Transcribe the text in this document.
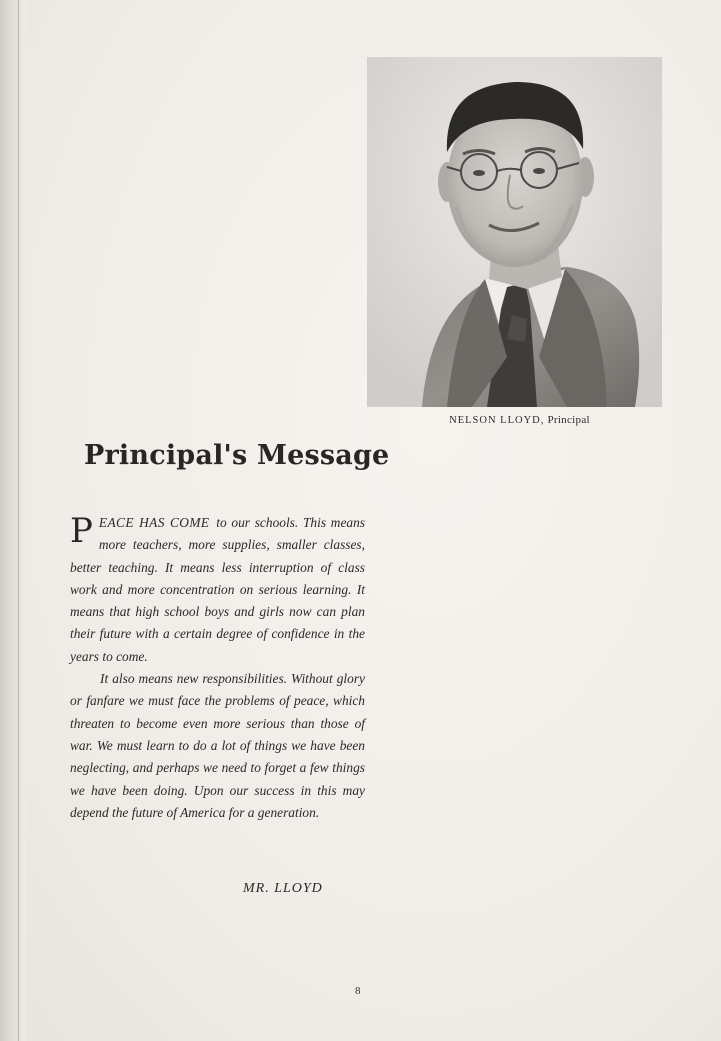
NELSON LLOYD, Principal
Principal's Message

P EACE HAS COME to our schools. This means more teachers, more supplies, smaller classes, better teaching. It means less interruption of class work and more concentration on serious learning. It means that high school boys and girls now can plan their future with a certain degree of confidence in the years to come.

It also means new responsibilities. Without glory or fanfare we must face the problems of peace, which threaten to become even more serious than those of war. We must learn to do a lot of things we have been neglecting, and perhaps we need to forget a few things we have been doing. Upon our success in this may depend the future of America for a generation.

MR. LLOYD
8
